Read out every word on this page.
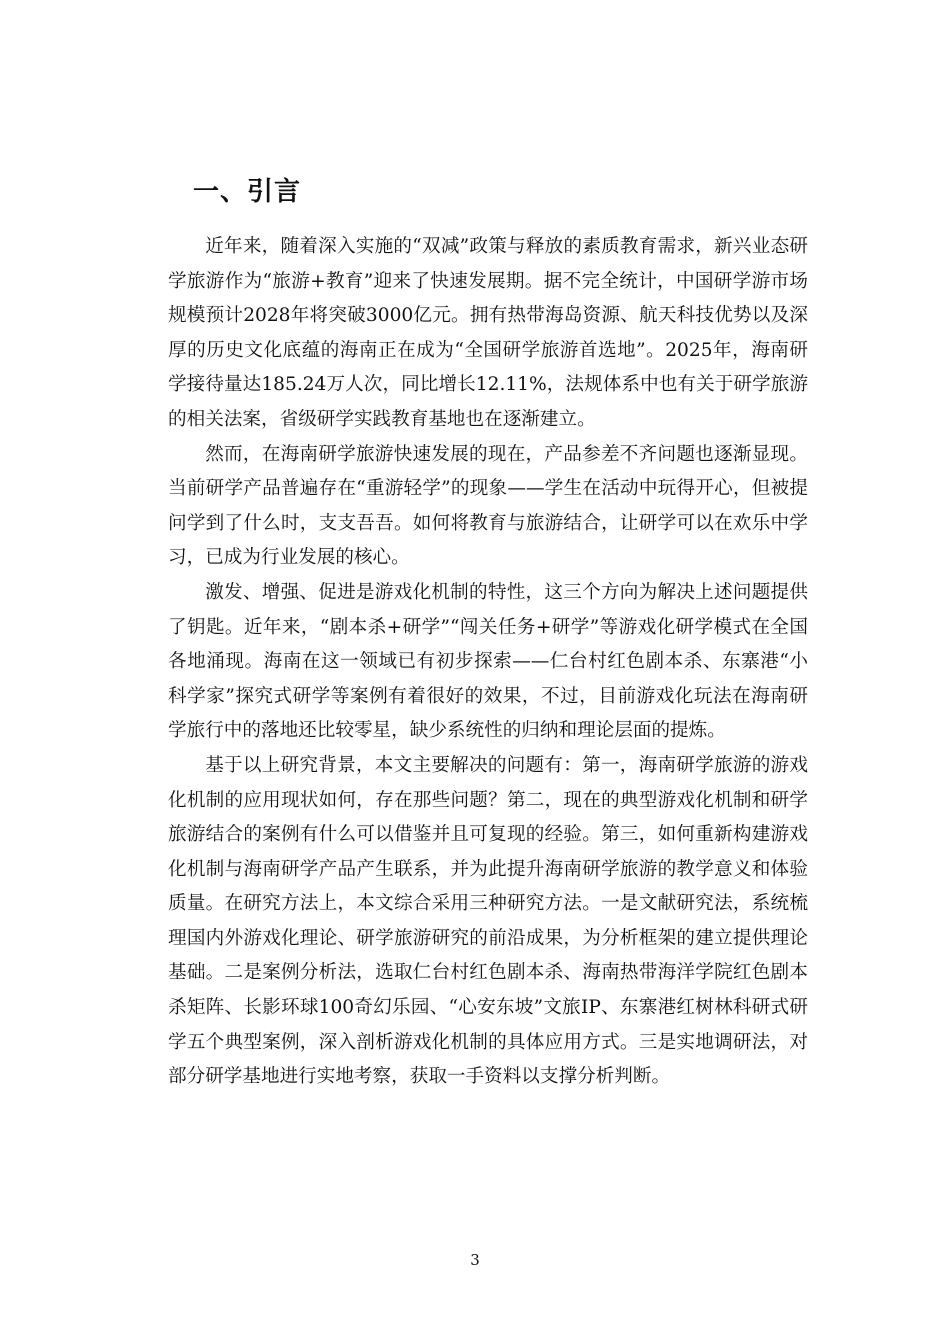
一、引言

近年来，随着深入实施的“双减”政策与释放的素质教育需求，新兴业态研学旅游作为“旅游+教育”迎来了快速发展期。据不完全统计，中国研学游市场规模预计2028年将突破3000亿元。拥有热带海岛资源、航天科技优势以及深厚的历史文化底蕴的海南正在成为“全国研学旅游首选地”。2025年，海南研学接待量达185.24万人次，同比增长12.11%，法规体系中也有关于研学旅游的相关法案，省级研学实践教育基地也在逐渐建立。

然而，在海南研学旅游快速发展的现在，产品参差不齐问题也逐渐显现。当前研学产品普遍存在“重游轻学”的现象——学生在活动中玩得开心，但被提问学到了什么时，支支吾吾。如何将教育与旅游结合，让研学可以在欢乐中学习，已成为行业发展的核心。

激发、增强、促进是游戏化机制的特性，这三个方向为解决上述问题提供了钥匙。近年来，“剧本杀+研学”“闯关任务+研学”等游戏化研学模式在全国各地涌现。海南在这一领域已有初步探索——仁台村红色剧本杀、东寨港“小科学家”探究式研学等案例有着很好的效果，不过，目前游戏化玩法在海南研学旅行中的落地还比较零星，缺少系统性的归纳和理论层面的提炼。

基于以上研究背景，本文主要解决的问题有：第一，海南研学旅游的游戏化机制的应用现状如何，存在那些问题？第二，现在的典型游戏化机制和研学旅游结合的案例有什么可以借鉴并且可复现的经验。第三，如何重新构建游戏化机制与海南研学产品产生联系，并为此提升海南研学旅游的教学意义和体验质量。在研究方法上，本文综合采用三种研究方法。一是文献研究法，系统梳理国内外游戏化理论、研学旅游研究的前沿成果，为分析框架的建立提供理论基础。二是案例分析法，选取仁台村红色剧本杀、海南热带海洋学院红色剧本杀矩阵、长影环球100奇幻乐园、“心安东坡”文旅IP、东寨港红树林科研式研学五个典型案例，深入剖析游戏化机制的具体应用方式。三是实地调研法，对部分研学基地进行实地考察，获取一手资料以支撑分析判断。

3
